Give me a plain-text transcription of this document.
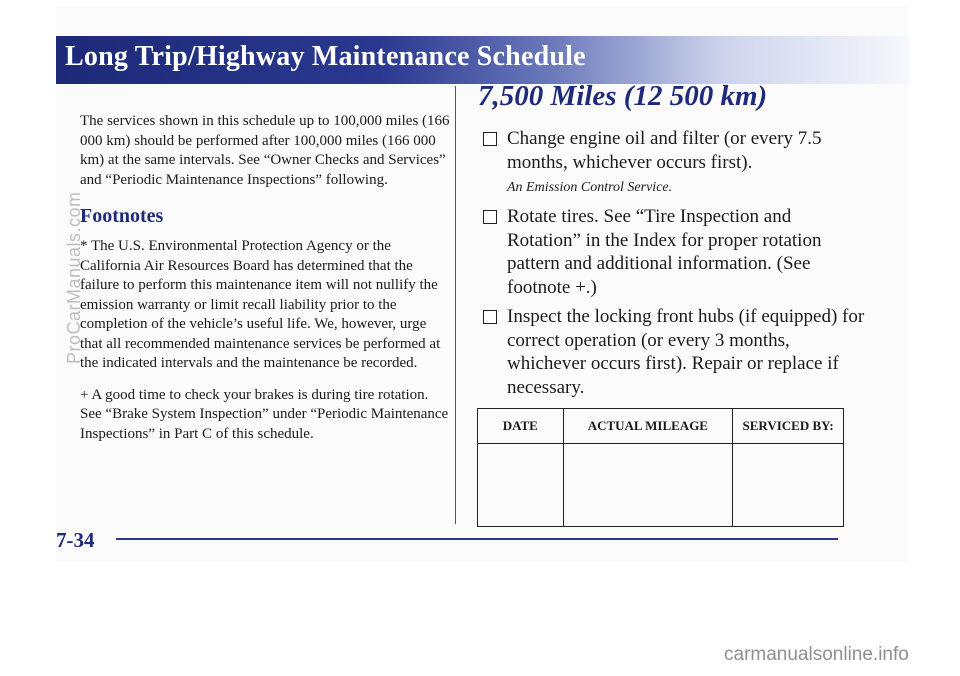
Long Trip/Highway Maintenance Schedule

The services shown in this schedule up to 100,000 miles (166 000 km) should be performed after 100,000 miles (166 000 km) at the same intervals. See “Owner Checks and Services” and “Periodic Maintenance Inspections” following.

Footnotes

* The U.S. Environmental Protection Agency or the California Air Resources Board has determined that the failure to perform this maintenance item will not nullify the emission warranty or limit recall liability prior to the completion of the vehicle’s useful life. We, however, urge that all recommended maintenance services be performed at the indicated intervals and the maintenance be recorded.

+ A good time to check your brakes is during tire rotation. See “Brake System Inspection” under “Periodic Maintenance Inspections” in Part C of this schedule.

7,500 Miles (12 500 km)
Change engine oil and filter (or every 7.5 months, whichever occurs first).
An Emission Control Service.
Rotate tires. See “Tire Inspection and Rotation” in the Index for proper rotation pattern and additional information. (See footnote +.)
Inspect the locking front hubs (if equipped) for correct operation (or every 3 months, whichever occurs first). Repair or replace if necessary.
DATE	ACTUAL MILEAGE	SERVICED BY:

7-34
ProCarManuals.com
carmanualsonline.info
